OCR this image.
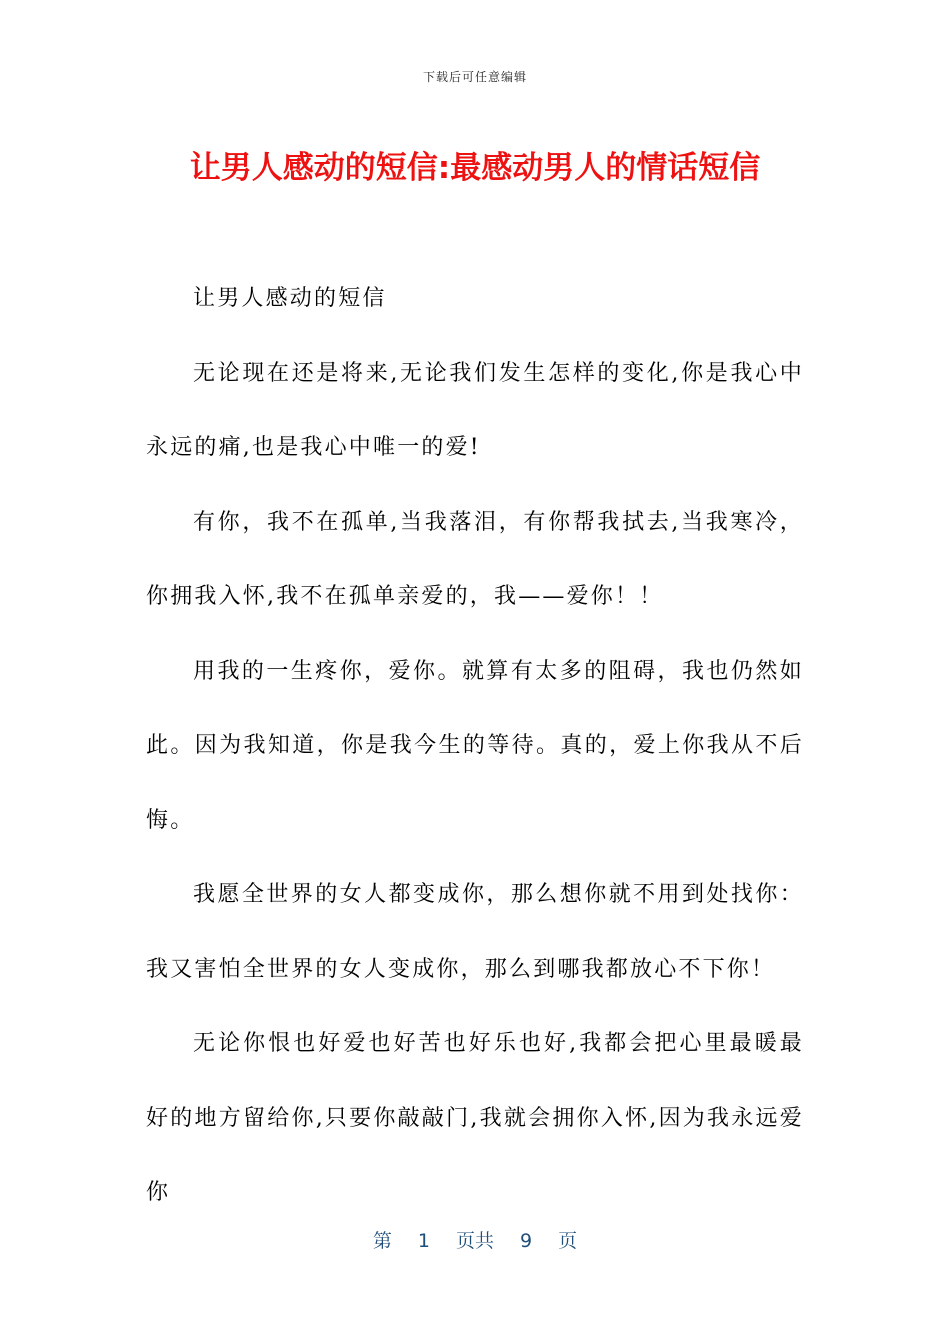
下载后可任意编辑
让男人感动的短信:最感动男人的情话短信

让男人感动的短信

无论现在还是将来,无论我们发生怎样的变化,你是我心中永远的痛,也是我心中唯一的爱!

有你，我不在孤单,当我落泪，有你帮我拭去,当我寒冷，你拥我入怀,我不在孤单亲爱的，我——爱你！！

用我的一生疼你，爱你。就算有太多的阻碍，我也仍然如此。因为我知道，你是我今生的等待。真的，爱上你我从不后悔。

我愿全世界的女人都变成你，那么想你就不用到处找你：我又害怕全世界的女人变成你，那么到哪我都放心不下你！

无论你恨也好爱也好苦也好乐也好,我都会把心里最暖最好的地方留给你,只要你敲敲门,我就会拥你入怀,因为我永远爱你

第 1 页共 9 页
